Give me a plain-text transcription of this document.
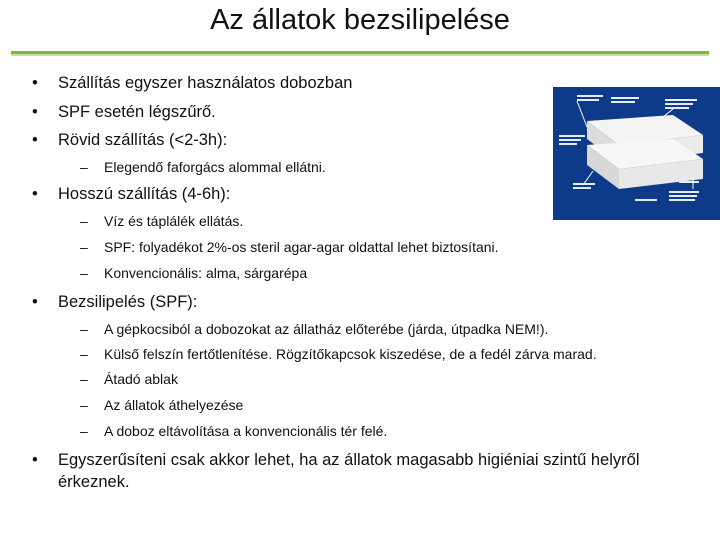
Az állatok bezsilipelése
• Szállítás egyszer használatos dobozban
• SPF esetén légszűrő.
• Rövid szállítás (<2-3h):
– Elegendő faforgács alommal ellátni.
• Hosszú szállítás (4-6h):
– Víz és táplálék ellátás.
– SPF: folyadékot 2%-os steril agar-agar oldattal lehet biztosítani.
– Konvencionális: alma, sárgarépa
• Bezsilipelés (SPF):
– A gépkocsiból a dobozokat az állatház előterébe (járda, útpadka NEM!).
– Külső felszín fertőtlenítése. Rögzítőkapcsok kiszedése, de a fedél zárva marad.
– Átadó ablak
– Az állatok áthelyezése
– A doboz eltávolítása a konvencionális tér felé.
• Egyszerűsíteni csak akkor lehet, ha az állatok magasabb higiéniai szintű helyről érkeznek.
